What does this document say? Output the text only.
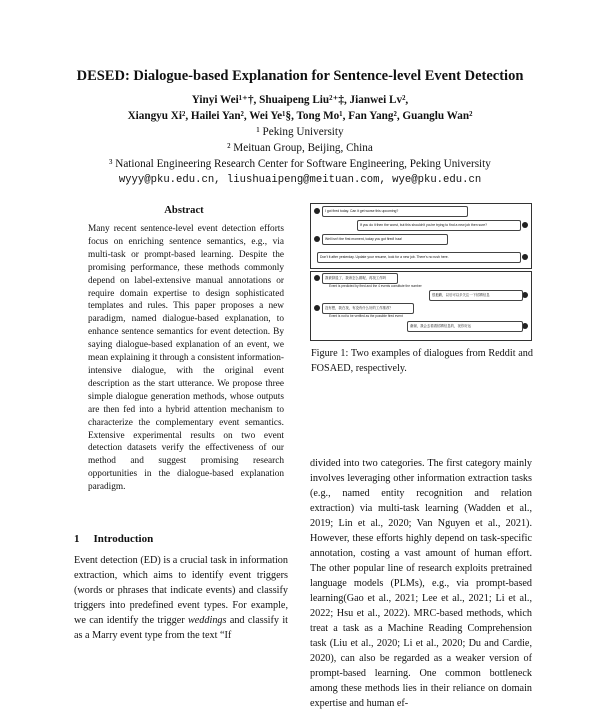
DESED: Dialogue-based Explanation for Sentence-level Event Detection
Yinyi Wei¹⁺†, Shuaipeng Liu²⁺‡, Jianwei Lv²,
Xiangyu Xi², Hailei Yan², Wei Ye¹§, Tong Mo¹, Fan Yang², Guanglu Wan²
¹ Peking University
² Meituan Group, Beijing, China
³ National Engineering Research Center for Software Engineering, Peking University
wyyy@pku.edu.cn, liushuaipeng@meituan.com, wye@pku.edu.cn
Abstract
Many recent sentence-level event detection efforts focus on enriching sentence semantics, e.g., via multi-task or prompt-based learning. Despite the promising performance, these methods commonly depend on label-extensive manual annotations or require domain expertise to design sophisticated templates and rules. This paper proposes a new paradigm, named dialogue-based explanation, to enhance sentence semantics for event detection. By saying dialogue-based explanation of an event, we mean explaining it through a consistent information-intensive dialogue, with the original event description as the start utterance. We propose three simple dialogue generation methods, whose outputs are then fed into a hybrid attention mechanism to characterize the complementary event semantics. Extensive experimental results on two event detection datasets verify the effectiveness of our method and suggest promising research opportunities in the dialogue-based explanation paradigm.
1 Introduction
Event detection (ED) is a crucial task in information extraction, which aims to identify event triggers (words or phrases that indicate events) and classify triggers into predefined event types. For example, we can identify the trigger weddings and classify it as a Marry event type from the text “If
I got fired today. Can it get worse this upcoming?
If you do it then the worst, but this shouldn't you're trying to find a new job then sure?
Well isn't the first moment, today you got fired! haa!
Don't it after yesterday. Update your resume, look for a new job. There's no rush here.
我被辞退了，我该怎么做呢，再找工作吗
Event is predicted by fired and the 4 events constitute the number
很抱歉，以后可以多关注一下招聘信息
没有想，我在找，有没有什么好的工作推荐？
Event is not to be verified as the possible fired event
谢谢，我会去看看招聘信息的，祝你好运
Figure 1: Two examples of dialogues from Reddit and FOSAED, respectively.
divided into two categories. The first category mainly involves leveraging other information extraction tasks (e.g., named entity recognition and relation extraction) via multi-task learning (Wadden et al., 2019; Lin et al., 2020; Van Nguyen et al., 2021). However, these efforts highly depend on task-specific annotation, costing a vast amount of human effort. The other popular line of research exploits pretrained language models (PLMs), e.g., via prompt-based learning(Gao et al., 2021; Lee et al., 2021; Li et al., 2022; Hsu et al., 2022). MRC-based methods, which treat a task as a Machine Reading Comprehension task (Liu et al., 2020; Li et al., 2020; Du and Cardie, 2020), can also be regarded as a weaker version of prompt-based learning. One common bottleneck among these methods lies in their reliance on domain expertise and human ef-
